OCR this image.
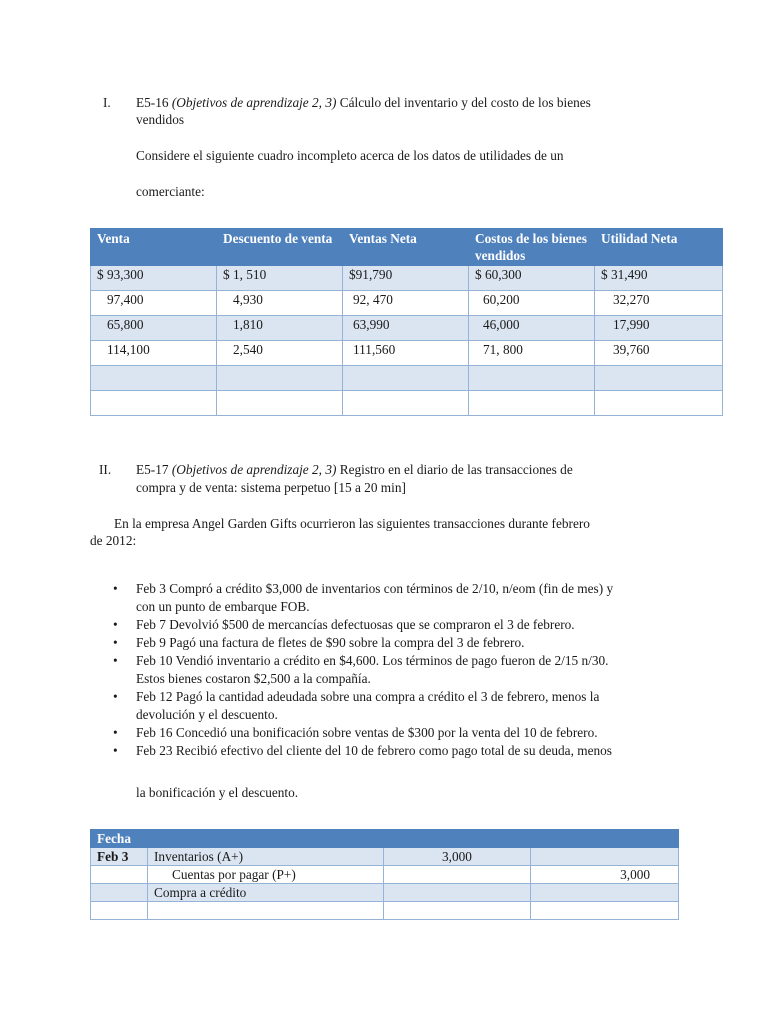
I.	E5-16 (Objetivos de aprendizaje 2, 3) Cálculo del inventario y del costo de los bienes
vendidos
Considere el siguiente cuadro incompleto acerca de los datos de utilidades de un
comerciante:
Venta	Descuento de venta	Ventas Neta	Costos de los bienes vendidos	Utilidad Neta
$ 93,300	$ 1, 510	$91,790	$ 60,300	$ 31,490
97,400	4,930	92, 470	60,200	32,270
65,800	1,810	63,990	46,000	17,990
114,100	2,540	111,560	71, 800	39,760

II.	E5-17 (Objetivos de aprendizaje 2, 3) Registro en el diario de las transacciones de
compra y de venta: sistema perpetuo [15 a 20 min]
En la empresa Angel Garden Gifts ocurrieron las siguientes transacciones durante febrero
de 2012:
• Feb 3 Compró a crédito $3,000 de inventarios con términos de 2/10, n/eom (fin de mes) y
con un punto de embarque FOB.
• Feb 7 Devolvió $500 de mercancías defectuosas que se compraron el 3 de febrero.
• Feb 9 Pagó una factura de fletes de $90 sobre la compra del 3 de febrero.
• Feb 10 Vendió inventario a crédito en $4,600. Los términos de pago fueron de 2/15 n/30.
Estos bienes costaron $2,500 a la compañía.
• Feb 12 Pagó la cantidad adeudada sobre una compra a crédito el 3 de febrero, menos la
devolución y el descuento.
• Feb 16 Concedió una bonificación sobre ventas de $300 por la venta del 10 de febrero.
• Feb 23 Recibió efectivo del cliente del 10 de febrero como pago total de su deuda, menos
la bonificación y el descuento.
Fecha			
Feb 3	Inventarios (A+)	3,000	
	Cuentas por pagar (P+)		3,000
	Compra a crédito		
